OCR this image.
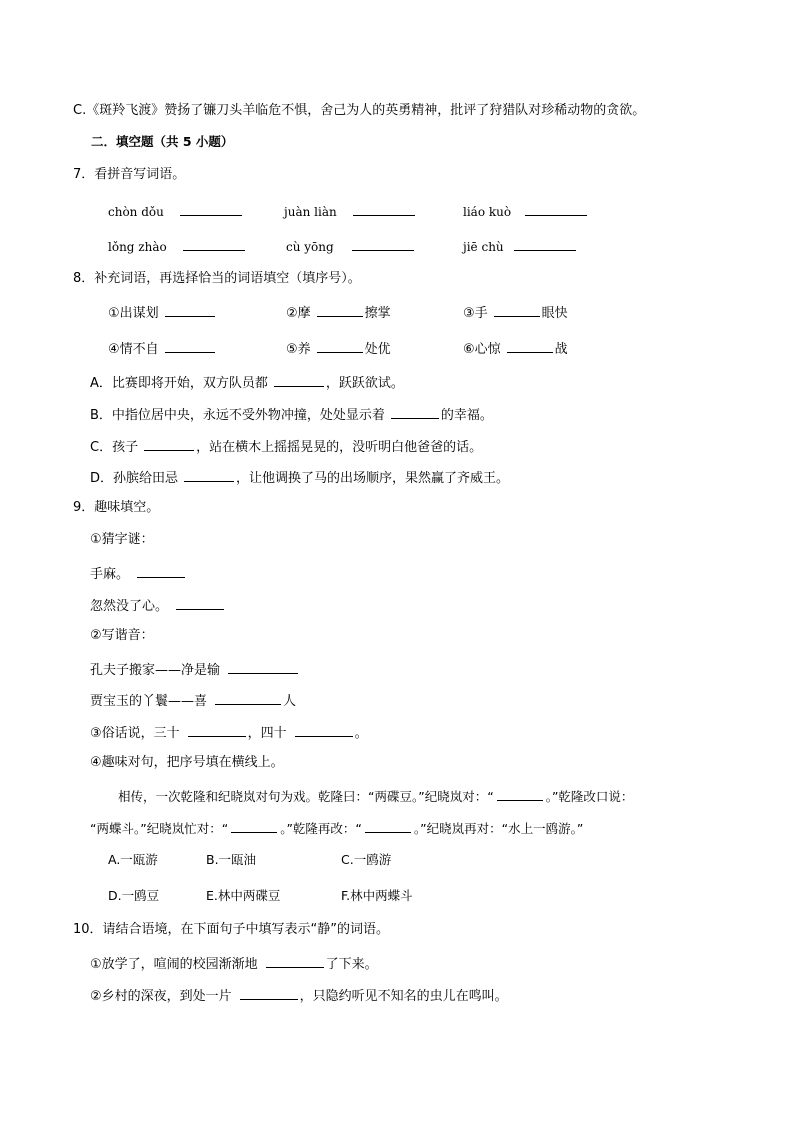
C.《斑羚飞渡》赞扬了镰刀头羊临危不惧，舍己为人的英勇精神，批评了狩猎队对珍稀动物的贪欲。
二．填空题（共 5 小题）
7．看拼音写词语。
chòn dǒu	juàn liàn	liáo kuò
lǒng zhào	cù yōng	jiē chù
8．补充词语，再选择恰当的词语填空（填序号）。
①出谋划	②摩	擦掌	③手	眼快
④情不自	⑤养	处优	⑥心惊	战
A．比赛即将开始，双方队员都	，跃跃欲试。
B．中指位居中央，永远不受外物冲撞，处处显示着	的幸福。
C．孩子	，站在横木上摇摇晃晃的，没听明白他爸爸的话。
D．孙膑给田忌	，让他调换了马的出场顺序，果然赢了齐威王。
9．趣味填空。
①猜字谜：
手麻。
忽然没了心。
②写谐音：
孔夫子搬家——净是输
贾宝玉的丫鬟——喜	人
③俗话说，三十	，四十	。
④趣味对句，把序号填在横线上。
相传，一次乾隆和纪晓岚对句为戏。乾隆曰：“两碟豆。”纪晓岚对：“	。”乾隆改口说：
“两蝶斗。”纪晓岚忙对：“	。”乾隆再改：“	。”纪晓岚再对：“水上一鸥游。”
A.一瓯游	B.一瓯油	C.一鸥游
D.一鸥豆	E.林中两碟豆	F.林中两蝶斗
10．请结合语境，在下面句子中填写表示“静”的词语。
①放学了，喧闹的校园渐渐地	了下来。
②乡村的深夜，到处一片	，只隐约听见不知名的虫儿在鸣叫。
